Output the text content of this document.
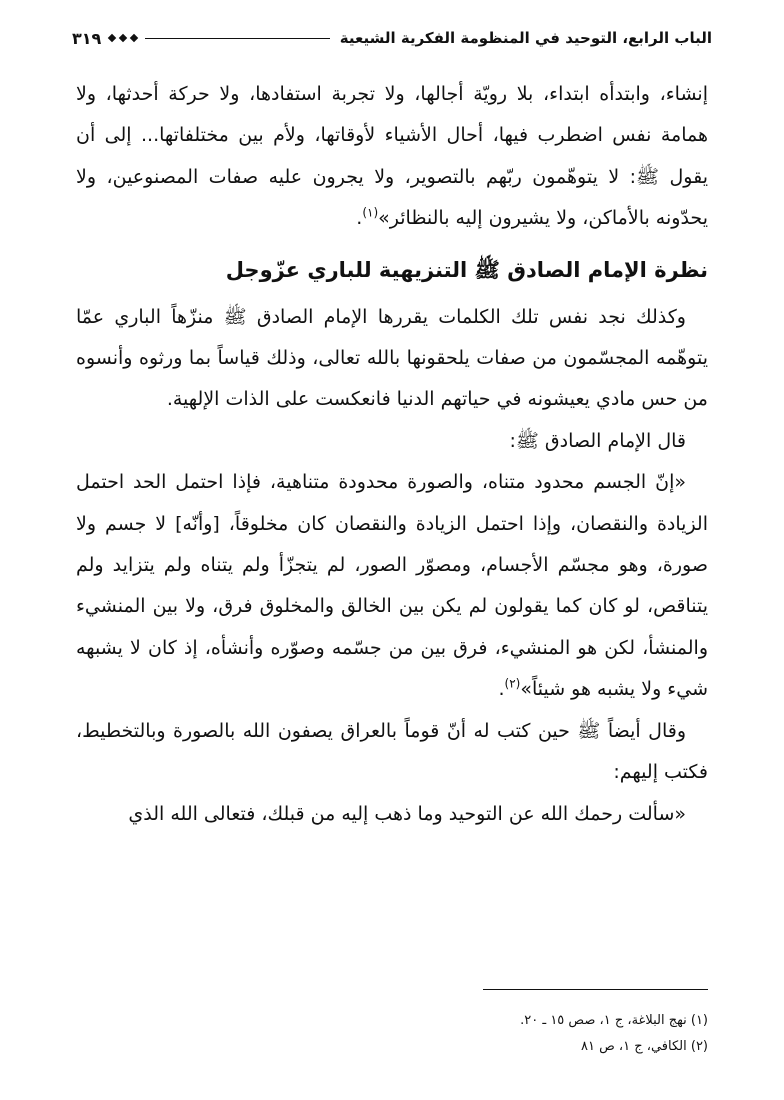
الباب الرابع، التوحيد في المنظومة الفكرية الشيعية
٣١٩

إنشاء، وابتدأه ابتداء، بلا رويّة أجالها، ولا تجربة استفادها، ولا حركة أحدثها، ولا همامة نفس اضطرب فيها، أحال الأشياء لأوقاتها، ولأم بين مختلفاتها... إلى أن يقول ﷺ: لا يتوهّمون ربّهم بالتصوير، ولا يجرون عليه صفات المصنوعين، ولا يحدّونه بالأماكن، ولا يشيرون إليه بالنظائر»$^{(١)}$.

نظرة الإمام الصادق ﷺ التنزيهية للباري عزّوجل

وكذلك نجد نفس تلك الكلمات يقررها الإمام الصادق ﷺ منزّهاً الباري عمّا يتوهّمه المجسّمون من صفات يلحقونها بالله تعالى، وذلك قياساً بما ورثوه وأنسوه من حس مادي يعيشونه في حياتهم الدنيا فانعكست على الذات الإلهية.

قال الإمام الصادق ﷺ:

«إنّ الجسم محدود متناه، والصورة محدودة متناهية، فإذا احتمل الحد احتمل الزيادة والنقصان، وإذا احتمل الزيادة والنقصان كان مخلوقاً، [وأنّه] لا جسم ولا صورة، وهو مجسّم الأجسام، ومصوّر الصور، لم يتجزّأ ولم يتناه ولم يتزايد ولم يتناقص، لو كان كما يقولون لم يكن بين الخالق والمخلوق فرق، ولا بين المنشيء والمنشأ، لكن هو المنشيء، فرق بين من جسّمه وصوّره وأنشأه، إذ كان لا يشبهه شيء ولا يشبه هو شيئاً»$^{(٢)}$.

وقال أيضاً ﷺ حين كتب له أنّ قوماً بالعراق يصفون الله بالصورة وبالتخطيط، فكتب إليهم:

«سألت رحمك الله عن التوحيد وما ذهب إليه من قبلك، فتعالى الله الذي

(١) نهج البلاغة، ج ١، صص ١٥ ـ ٢٠.

(٢) الكافي، ج ١، ص ٨١
